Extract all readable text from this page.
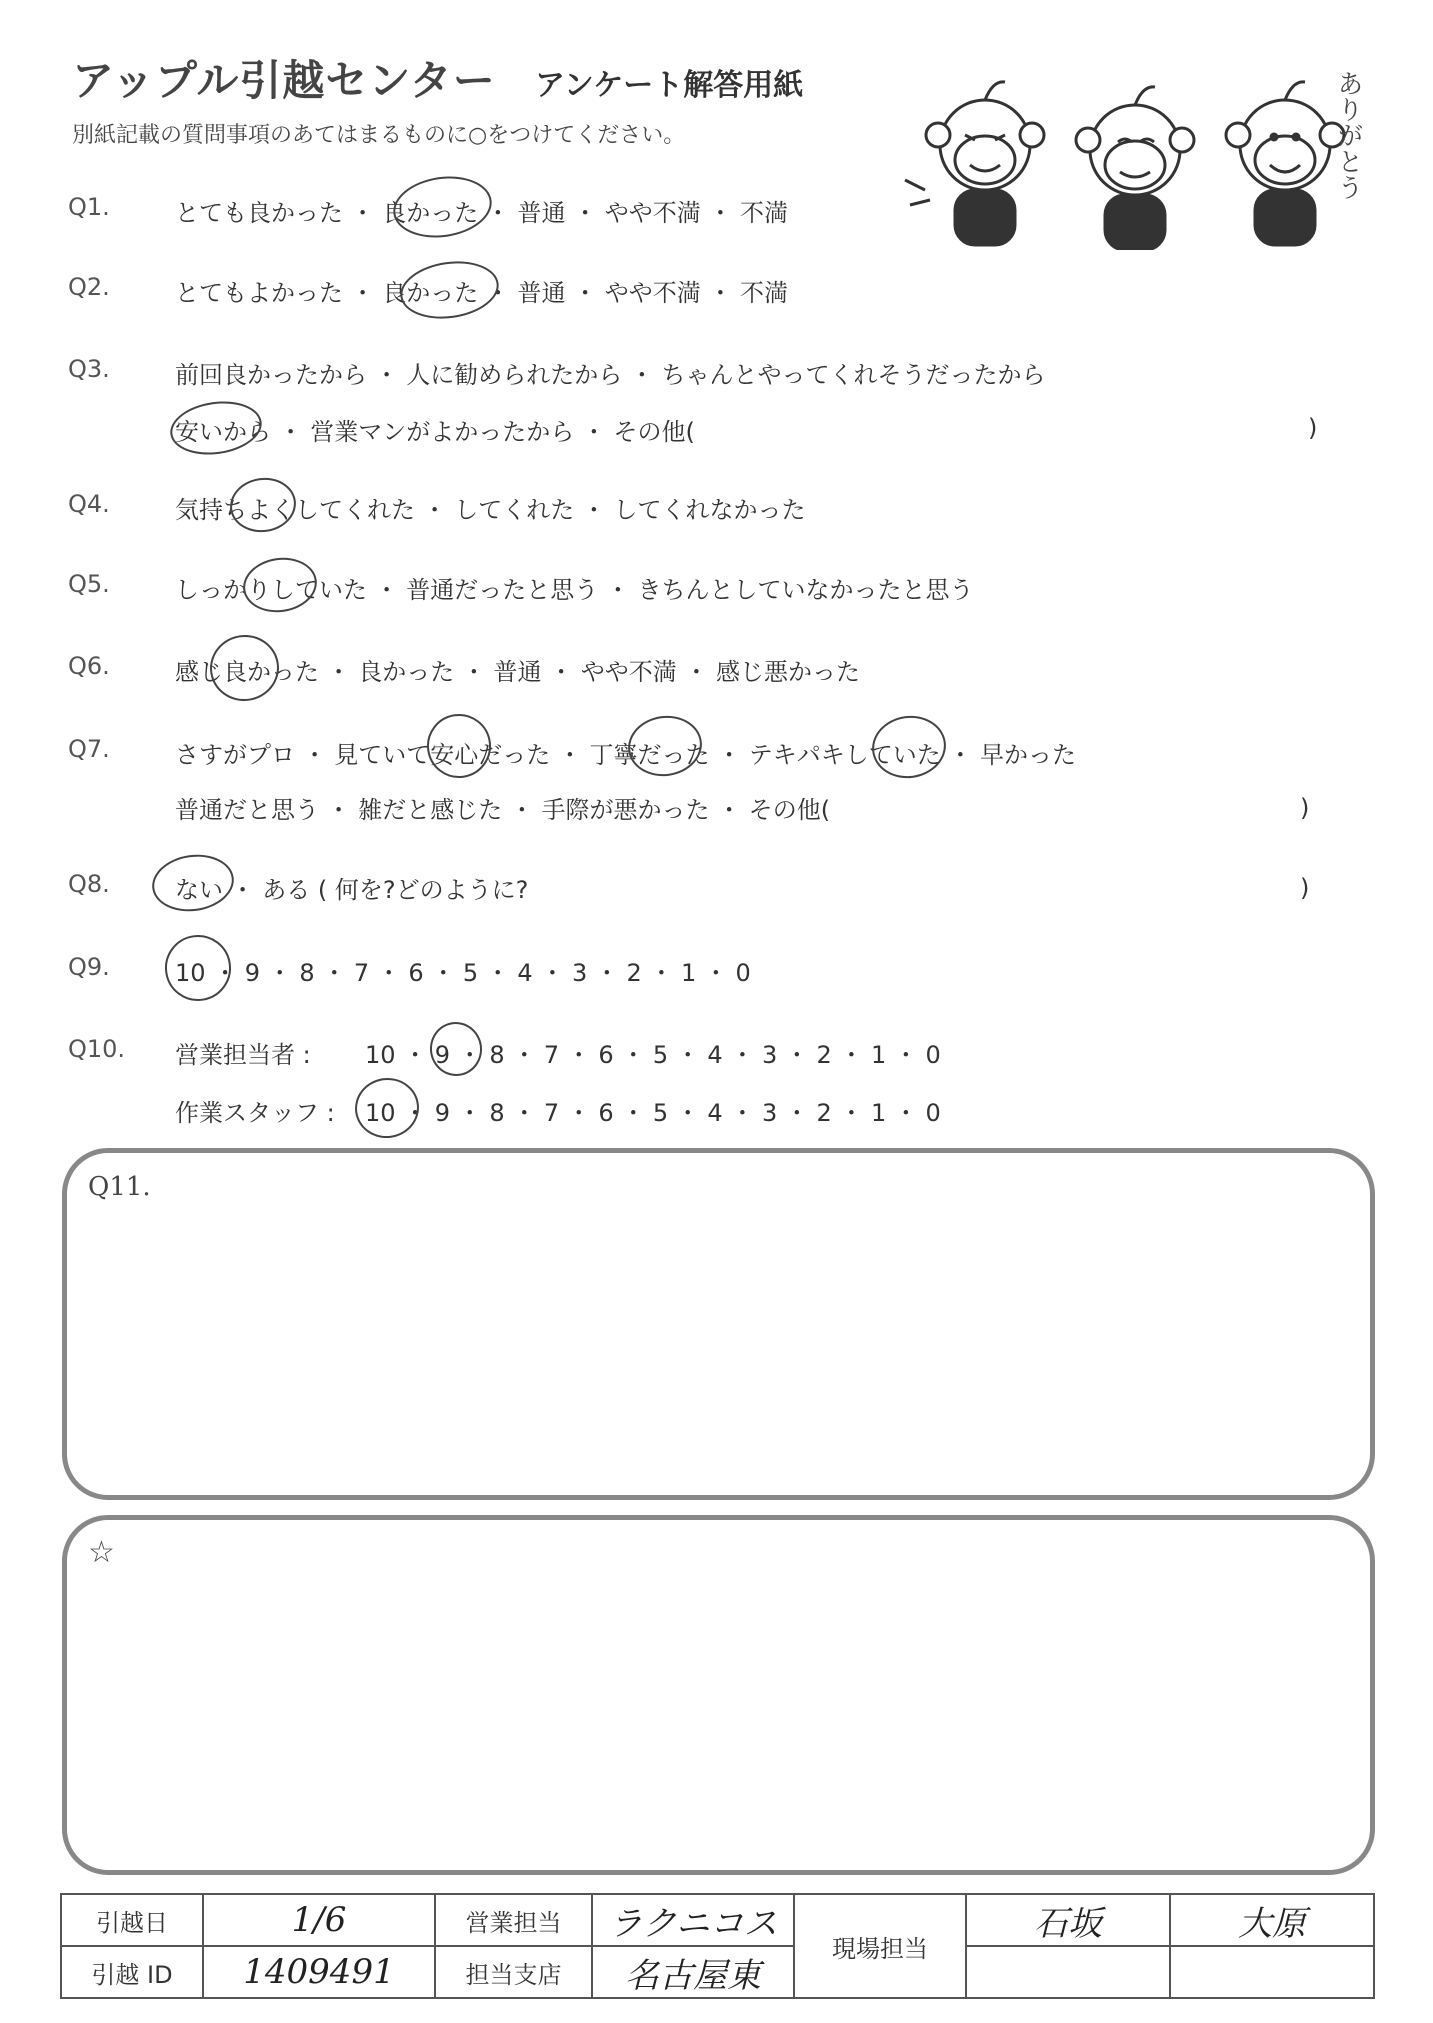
アップル引越センター アンケート解答用紙
別紙記載の質問事項のあてはまるものに○をつけてください。	ありがとう
Q1.	とても良かった ・ 良かった ・ 普通 ・ やや不満 ・ 不満
Q2.	とてもよかった ・ 良かった ・ 普通 ・ やや不満 ・ 不満
Q3.	前回良かったから ・ 人に勧められたから ・ ちゃんとやってくれそうだったから
安いから ・ 営業マンがよかったから ・ その他(	)
Q4.	気持ちよくしてくれた ・ してくれた ・ してくれなかった
Q5.	しっかりしていた ・ 普通だったと思う ・ きちんとしていなかったと思う
Q6.	感じ良かった ・ 良かった ・ 普通 ・ やや不満 ・ 感じ悪かった
Q7.	さすがプロ ・ 見ていて安心だった ・ 丁寧だった ・ テキパキしていた ・ 早かった
普通だと思う ・ 雑だと感じた ・ 手際が悪かった ・ その他(	)
Q8.	ない ・ ある ( 何を?どのように?	)
Q9.	10 ・ 9 ・ 8 ・ 7 ・ 6 ・ 5 ・ 4 ・ 3 ・ 2 ・ 1 ・ 0
Q10. 営業担当者 : 10 ・ 9 ・ 8 ・ 7 ・ 6 ・ 5 ・ 4 ・ 3 ・ 2 ・ 1 ・ 0
作業スタッフ : 10 ・ 9 ・ 8 ・ 7 ・ 6 ・ 5 ・ 4 ・ 3 ・ 2 ・ 1 ・ 0
Q11.
☆
引越日	1/6	営業担当	ラクニコス	現場担当	石坂	大原
引越 ID	1409491	担当支店	名古屋東			
